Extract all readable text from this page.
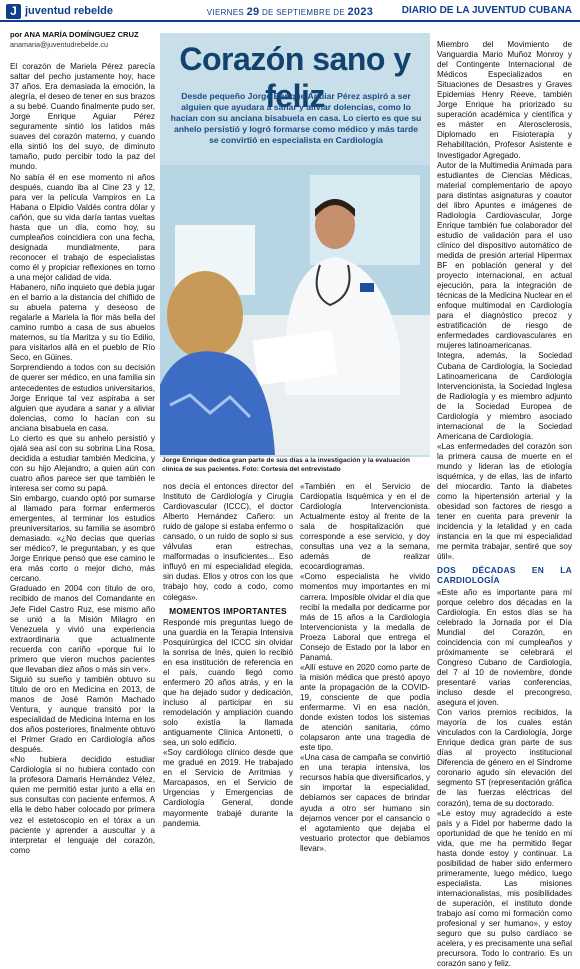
J juventud rebelde	VIERNES 29 DE SEPTIEMBRE DE 2023	DIARIO DE LA JUVENTUD CUBANA
por ANA MARÍA DOMÍNGUEZ CRUZ
anamaria@juventudrebelde.cu

El corazón de Mariela Pérez parecía saltar del pecho justamente hoy, hace 37 años. Era demasiada la emoción, la alegría, el deseo de tener en sus brazos a su bebé. Cuando finalmente pudo ser, Jorge Enrique Aguiar Pérez seguramente sintió los latidos más suaves del corazón materno, y cuando ella sintió los del suyo, de diminuto tamaño, pudo percibir todo la paz del mundo.

No sabía él en ese momento ni años después, cuando iba al Cine 23 y 12, para ver la película Vampiros en La Habana o Elpidio Valdés contra dólar y cañón, que su vida daría tantas vueltas hasta que un día, como hoy, su cumpleaños coincidiera con una fecha, designada mundialmente, para reconocer el trabajo de especialistas como él y propiciar reflexiones en torno a una mejor calidad de vida.

Habanero, niño inquieto que debía jugar en el barrio a la distancia del chiflido de su abuela paterna y deseoso de regalarle a Mariela la flor más bella del camino rumbo a casa de sus abuelos maternos, su tía Maritza y su tío Edilio, para visitarlos allá en el pueblo de Río Seco, en Güines.

Sorprendiendo a todos con su decisión de querer ser médico, en una familia sin antecedentes de estudios universitarios, Jorge Enrique tal vez aspiraba a ser alguien que ayudara a sanar y a aliviar dolencias, como lo hacían con su anciana bisabuela en casa.

Lo cierto es que su anhelo persistió y ojalá sea así con su sobrina Lina Rosa, decidida a estudiar también Medicina, y con su hijo Alejandro, a quien aún con cuatro años parece ser que también le interesa ser como su papá.

Sin embargo, cuando optó por sumarse al llamado para formar enfermeros emergentes, al terminar los estudios preuniversitarios, su familia se asombró demasiado. «¿No decías que querías ser médico?, le preguntaban, y es que Jorge Enrique pensó que ese camino le era más corto o mejor dicho, más cercano.

Graduado en 2004 con título de oro, recibido de manos del Comandante en Jefe Fidel Castro Ruz, ese mismo año se unió a la Misión Milagro en Venezuela y vivió una experiencia extraordinaria que actualmente recuerda con cariño «porque fui lo primero que vieron muchos pacientes que llevaban diez años o más sin ver».

Siguió su sueño y también obtuvo su título de oro en Medicina en 2013, de manos de José Ramón Machado Ventura, y aunque transitó por la especialidad de Medicina Interna en los dos años posteriores, finalmente obtuvo el Primer Grado en Cardiología años después.

«No hubiera decidido estudiar Cardiología si no hubiera contado con la profesora Damaris Hernández Vélez, quien me permitió estar junto a ella en sus consultas con paciente enfermos. A ella le debo haber colocado por primera vez el estetoscopio en el tórax a un paciente y aprender a auscultar y a interpretar el lenguaje del corazón, como

Corazón sano y feliz
Desde pequeño Jorge Enrique Aguiar Pérez aspiró a ser alguien que ayudara a sanar y aliviar dolencias, como lo hacían con su anciana bisabuela en casa. Lo cierto es que su anhelo persistió y logró formarse como médico y más tarde se convirtió en especialista en Cardiología
Jorge Enrique dedica gran parte de sus días a la investigación y la evaluación clínica de sus pacientes. Foto: Cortesía del entrevistado

nos decía el entonces director del Instituto de Cardiología y Cirugía Cardiovascular (ICCC), el doctor Alberto Hernández Cañero: un ruido de galope si estaba enfermo o cansado, o un ruido de soplo si sus válvulas eran estrechas, malformadas o insuficientes... Eso influyó en mi especialidad elegida, sin dudas. Ellos y otros con los que trabajo hoy, codo a codo, como colegas».

MOMENTOS IMPORTANTES

Responde mis preguntas luego de una guardia en la Terapia Intensiva Posquirúrgica del ICCC sin olvidar la sonrisa de Inés, quien lo recibió en esa institución de referencia en el país, cuando llegó como enfermero 20 años atrás, y en la que ha dejado sudor y dedicación, incluso al participar en su remodelación y ampliación cuando solo existía la llamada antiguamente Clínica Antonetti, o sea, un solo edificio.

«Soy cardiólogo clínico desde que me gradué en 2019. He trabajado en el Servicio de Arritmias y Marcapasos, en el Servicio de Urgencias y Emergencias de Cardiología General, donde mayormente trabajé durante la pandemia.

«También en el Servicio de Cardiopatía Isquémica y en el de Cardiología Intervencionista. Actualmente estoy al frente de la sala de hospitalización que corresponde a ese servicio, y doy consultas una vez a la semana, además de realizar ecocardiogramas.

«Como especialista he vivido momentos muy importantes en mi carrera. Imposible olvidar el día que recibí la medalla por dedicarme por más de 15 años a la Cardiología Intervencionista y la medalla de Proeza Laboral que entrega el Consejo de Estado por la labor en Panamá.

«Allí estuve en 2020 como parte de la misión médica que prestó apoyo ante la propagación de la COVID-19, consciente de que podía enfermarme. Vi en esa nación, donde existen todos los sistemas de atención sanitaria, cómo colapsaron ante una tragedia de este tipo.

«Una casa de campaña se convirtió en una terapia intensiva, los recursos había que diversificarlos, y sin importar la especialidad, debíamos ser capaces de brindar ayuda a otro ser humano sin dejarnos vencer por el cansancio o el agotamiento que dejaba el vestuario protector que debíamos llevar».

Miembro del Movimiento de Vanguardia Mario Muñoz Monroy y del Contingente Internacional de Médicos Especializados en Situaciones de Desastres y Graves Epidemias Henry Reeve, también Jorge Enrique ha priorizado su superación académica y científica y es máster en Aterosclerosis, Diplomado en Fisioterapia y Rehabilitación, Profesor Asistente e Investigador Agregado.

Autor de la Multimedia Animada para estudiantes de Ciencias Médicas, material complementario de apoyo para distintas asignaturas y coautor del libro Apuntes e imágenes de Radiología Cardiovascular, Jorge Enrique también fue colaborador del estudio de validación para el uso clínico del dispositivo automático de medida de presión arterial Hipermax BF en población general y del proyecto internacional, en actual ejecución, para la integración de técnicas de la Medicina Nuclear en el enfoque multimodal en Cardiología para el diagnóstico precoz y estratificación de riesgo de enfermedades cardiovasculares en mujeres latinoamericanas.

Integra, además, la Sociedad Cubana de Cardiología, la Sociedad Latinoamericana de Cardiología Intervencionista, la Sociedad Inglesa de Radiología y es miembro adjunto de la Sociedad Europea de Cardiología y miembro asociado internacional de la Sociedad Americana de Cardiología.

«Las enfermedades del corazón son la primera causa de muerte en el mundo y lideran las de etiología isquémica, y de ellas, las de infarto del miocardio. Tanto la diabetes como la hipertensión arterial y la obesidad son factores de riesgo a tener en cuenta para prevenir la incidencia y la letalidad y en cada instancia en la que mi especialidad me permita trabajar, sentiré que soy útil».

DOS DÉCADAS EN LA CARDIOLOGÍA

«Este año es importante para mí porque celebro dos décadas en la Cardiología. En estos días se ha celebrado la Jornada por el Día Mundial del Corazón, en coincidencia con mi cumpleaños y próximamente se celebrará el Congreso Cubano de Cardiología, del 7 al 10 de noviembre, donde presentaré varias conferencias, incluso desde el precongreso, asegura el joven.

Con varios premios recibidos, la mayoría de los cuales están vinculados con la Cardiología, Jorge Enrique dedica gran parte de sus días al proyecto institucional Diferencia de género en el Síndrome coronario agudo sin elevación del segmento ST (representación gráfica de las fuerzas eléctricas del corazón), tema de su doctorado.

«Le estoy muy agradecido a este país y a Fidel por haberme dado la oportunidad de que he tenido en mi vida, que me ha permitido llegar hasta donde estoy y continuar. La posibilidad de haber sido enfermero primeramente, luego médico, luego especialista. Las misiones internacionalistas, mis posibilidades de superación, el instituto donde trabajo así como mi formación como profesional y ser humano», y estoy seguro que su pulso cardíaco se acelera, y es precisamente una señal precursora. Todo lo contrario. Es un corazón sano y feliz.
